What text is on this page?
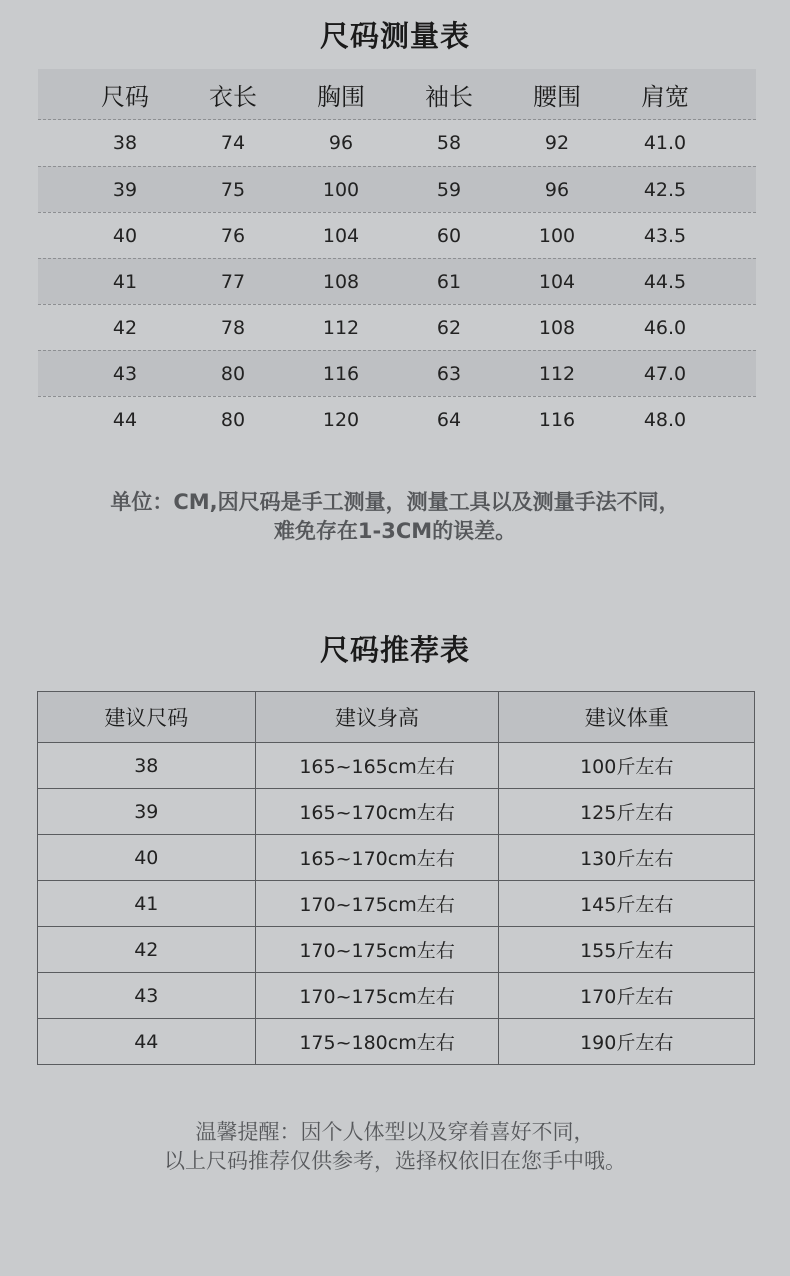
尺码测量表
尺码	衣长	胸围	袖长	腰围	肩宽
38	74	96	58	92	41.0
39	75	100	59	96	42.5
40	76	104	60	100	43.5
41	77	108	61	104	44.5
42	78	112	62	108	46.0
43	80	116	63	112	47.0
44	80	120	64	116	48.0
单位：CM,因尺码是手工测量，测量工具以及测量手法不同，
难免存在1-3CM的误差。
尺码推荐表
建议尺码	建议身高	建议体重
38	165~165cm左右	100斤左右
39	165~170cm左右	125斤左右
40	165~170cm左右	130斤左右
41	170~175cm左右	145斤左右
42	170~175cm左右	155斤左右
43	170~175cm左右	170斤左右
44	175~180cm左右	190斤左右
温馨提醒：因个人体型以及穿着喜好不同，
以上尺码推荐仅供参考，选择权依旧在您手中哦。
